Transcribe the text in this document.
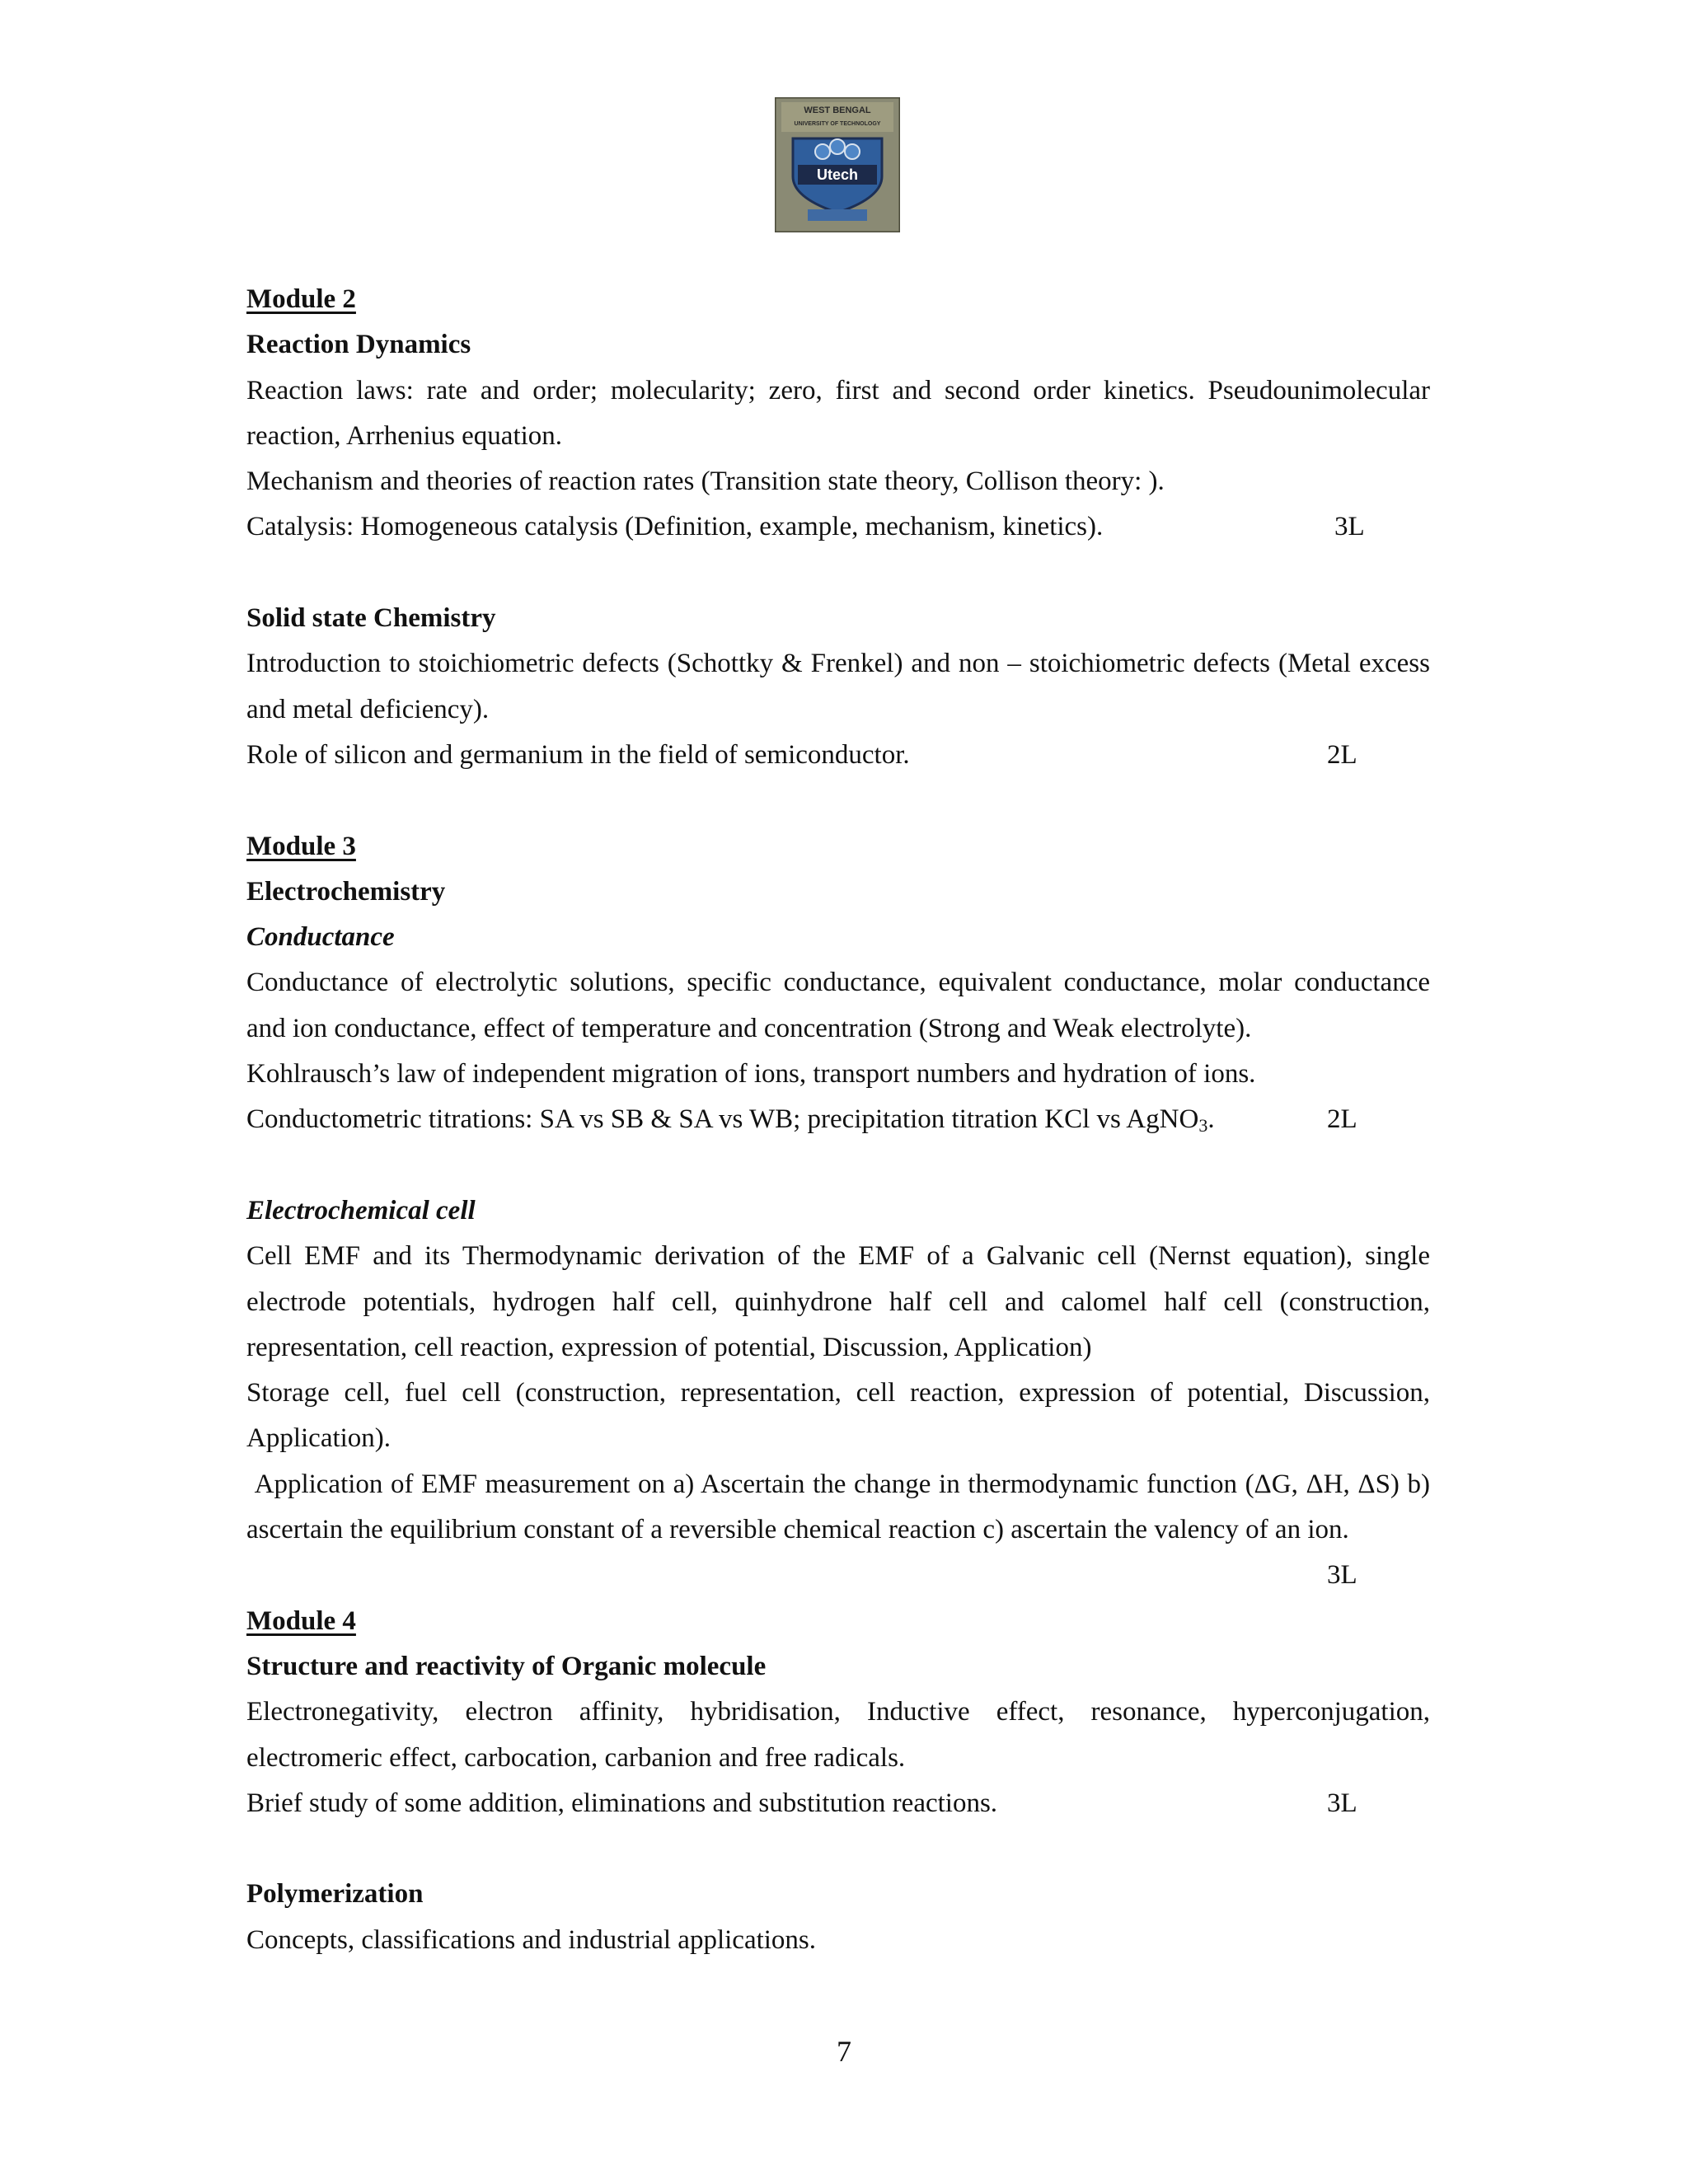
WEST BENGAL
UNIVERSITY OF TECHNOLOGY
Utech
Module 2
Reaction Dynamics
Reaction laws: rate and order; molecularity; zero, first and second order kinetics. Pseudounimolecular
reaction, Arrhenius equation.
Mechanism and theories of reaction rates (Transition state theory, Collison theory: ).
Catalysis: Homogeneous catalysis (Definition, example, mechanism, kinetics).	3L
Solid state Chemistry
Introduction to stoichiometric defects (Schottky & Frenkel) and non – stoichiometric defects (Metal excess
and metal deficiency).
Role of silicon and germanium in the field of semiconductor.	2L
Module 3
Electrochemistry
Conductance
Conductance of electrolytic solutions, specific conductance, equivalent conductance, molar conductance
and ion conductance, effect of temperature and concentration (Strong and Weak electrolyte).
Kohlrausch’s law of independent migration of ions, transport numbers and hydration of ions.
Conductometric titrations: SA vs SB & SA vs WB; precipitation titration KCl vs AgNO$_3$.	2L
Electrochemical cell
Cell EMF and its Thermodynamic derivation of the EMF of a Galvanic cell (Nernst equation), single
electrode potentials, hydrogen half cell, quinhydrone half cell and calomel half cell (construction,
representation, cell reaction, expression of potential, Discussion, Application)
Storage cell, fuel cell (construction, representation, cell reaction, expression of potential, Discussion,
Application).
Application of EMF measurement on a) Ascertain the change in thermodynamic function (ΔG, ΔH, ΔS) b)
ascertain the equilibrium constant of a reversible chemical reaction c) ascertain the valency of an ion.
3L
Module 4
Structure and reactivity of Organic molecule
Electronegativity, electron affinity, hybridisation, Inductive effect, resonance, hyperconjugation,
electromeric effect, carbocation, carbanion and free radicals.
Brief study of some addition, eliminations and substitution reactions.	3L
Polymerization
Concepts, classifications and industrial applications.
7
